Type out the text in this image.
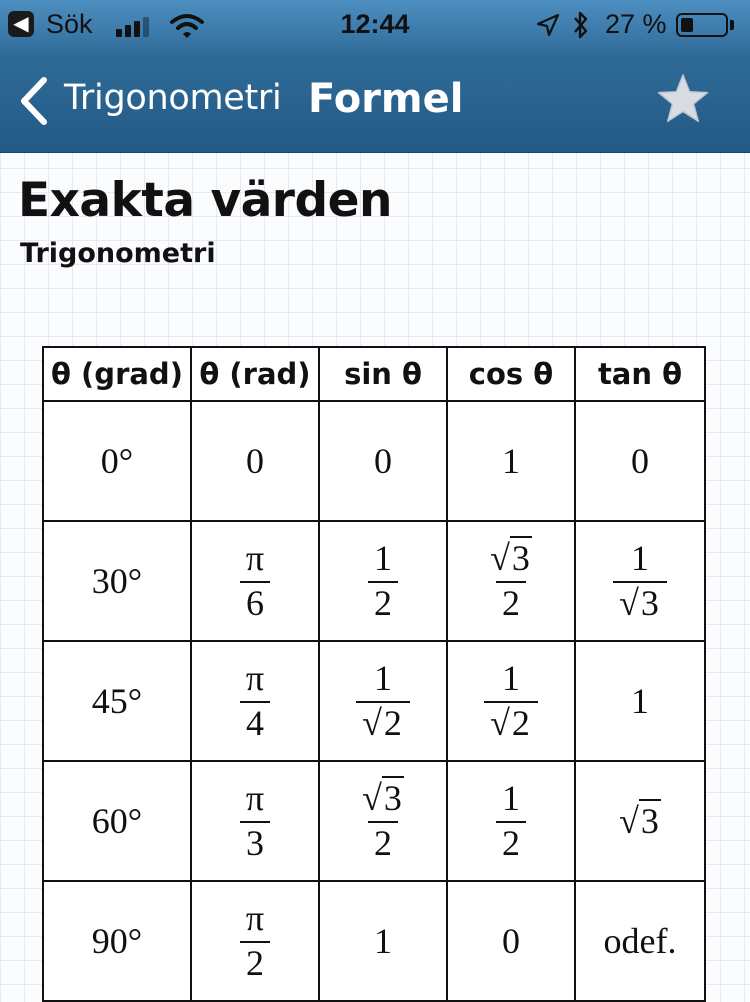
◀ Sök	12:44	27 %
Trigonometri Formel
Exakta värden
Trigonometri
θ (grad)	θ (rad)	sin θ	cos θ	tan θ
0°	0	0	1	0
30°	$\frac{\pi}{6}$	$\frac{1}{2}$	$\frac{√3}{2}$	$\frac{1}{√3}$

45°	$\frac{\pi}{4}$	$\frac{1}{√2}$	$\frac{1}{√2}$	1
60°	$\frac{\pi}{3}$	$\frac{√3}{2}$	$\frac{1}{2}$	√3
90°	$\frac{\pi}{2}$	1	0	odef.
